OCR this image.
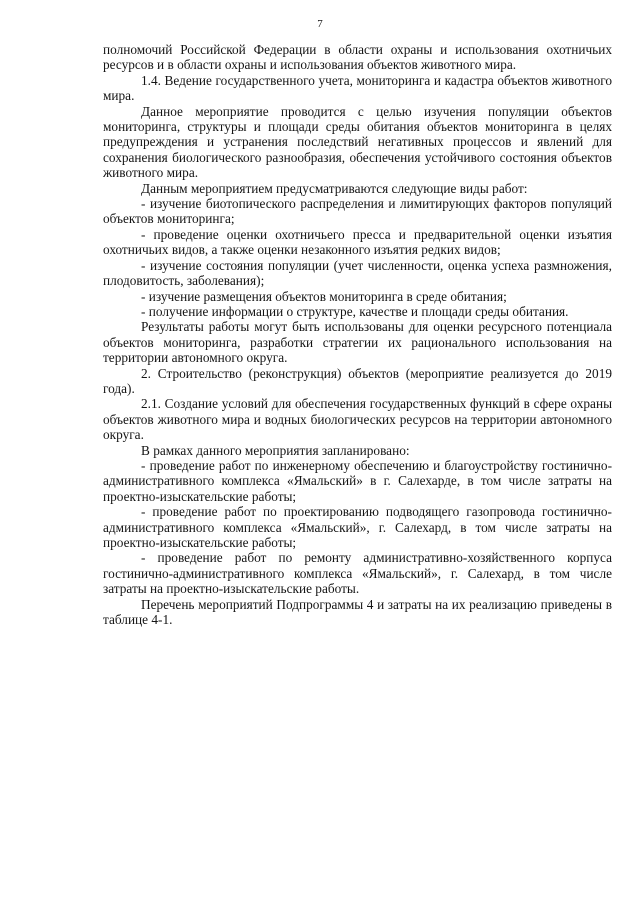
7

полномочий Российской Федерации в области охраны и использования охотничьих ресурсов и в области охраны и использования объектов животного мира.

1.4. Ведение государственного учета, мониторинга и кадастра объектов животного мира.

Данное мероприятие проводится с целью изучения популяции объектов мониторинга, структуры и площади среды обитания объектов мониторинга в целях предупреждения и устранения последствий негативных процессов и явлений для сохранения биологического разнообразия, обеспечения устойчивого состояния объектов животного мира.

Данным мероприятием предусматриваются следующие виды работ:

- изучение биотопического распределения и лимитирующих факторов популяций объектов мониторинга;

- проведение оценки охотничьего пресса и предварительной оценки изъятия охотничьих видов, а также оценки незаконного изъятия редких видов;

- изучение состояния популяции (учет численности, оценка успеха размножения, плодовитость, заболевания);

- изучение размещения объектов мониторинга в среде обитания;

- получение информации о структуре, качестве и площади среды обитания.

Результаты работы могут быть использованы для оценки ресурсного потенциала объектов мониторинга, разработки стратегии их рационального использования на территории автономного округа.

2. Строительство (реконструкция) объектов (мероприятие реализуется до 2019 года).

2.1. Создание условий для обеспечения государственных функций в сфере охраны объектов животного мира и водных биологических ресурсов на территории автономного округа.

В рамках данного мероприятия запланировано:

- проведение работ по инженерному обеспечению и благоустройству гостинично-административного комплекса «Ямальский» в г. Салехарде, в том числе затраты на проектно-изыскательские работы;

- проведение работ по проектированию подводящего газопровода гостинично-административного комплекса «Ямальский», г. Салехард, в том числе затраты на проектно-изыскательские работы;

- проведение работ по ремонту административно-хозяйственного корпуса гостинично-административного комплекса «Ямальский», г. Салехард, в том числе затраты на проектно-изыскательские работы.

Перечень мероприятий Подпрограммы 4 и затраты на их реализацию приведены в таблице 4-1.
